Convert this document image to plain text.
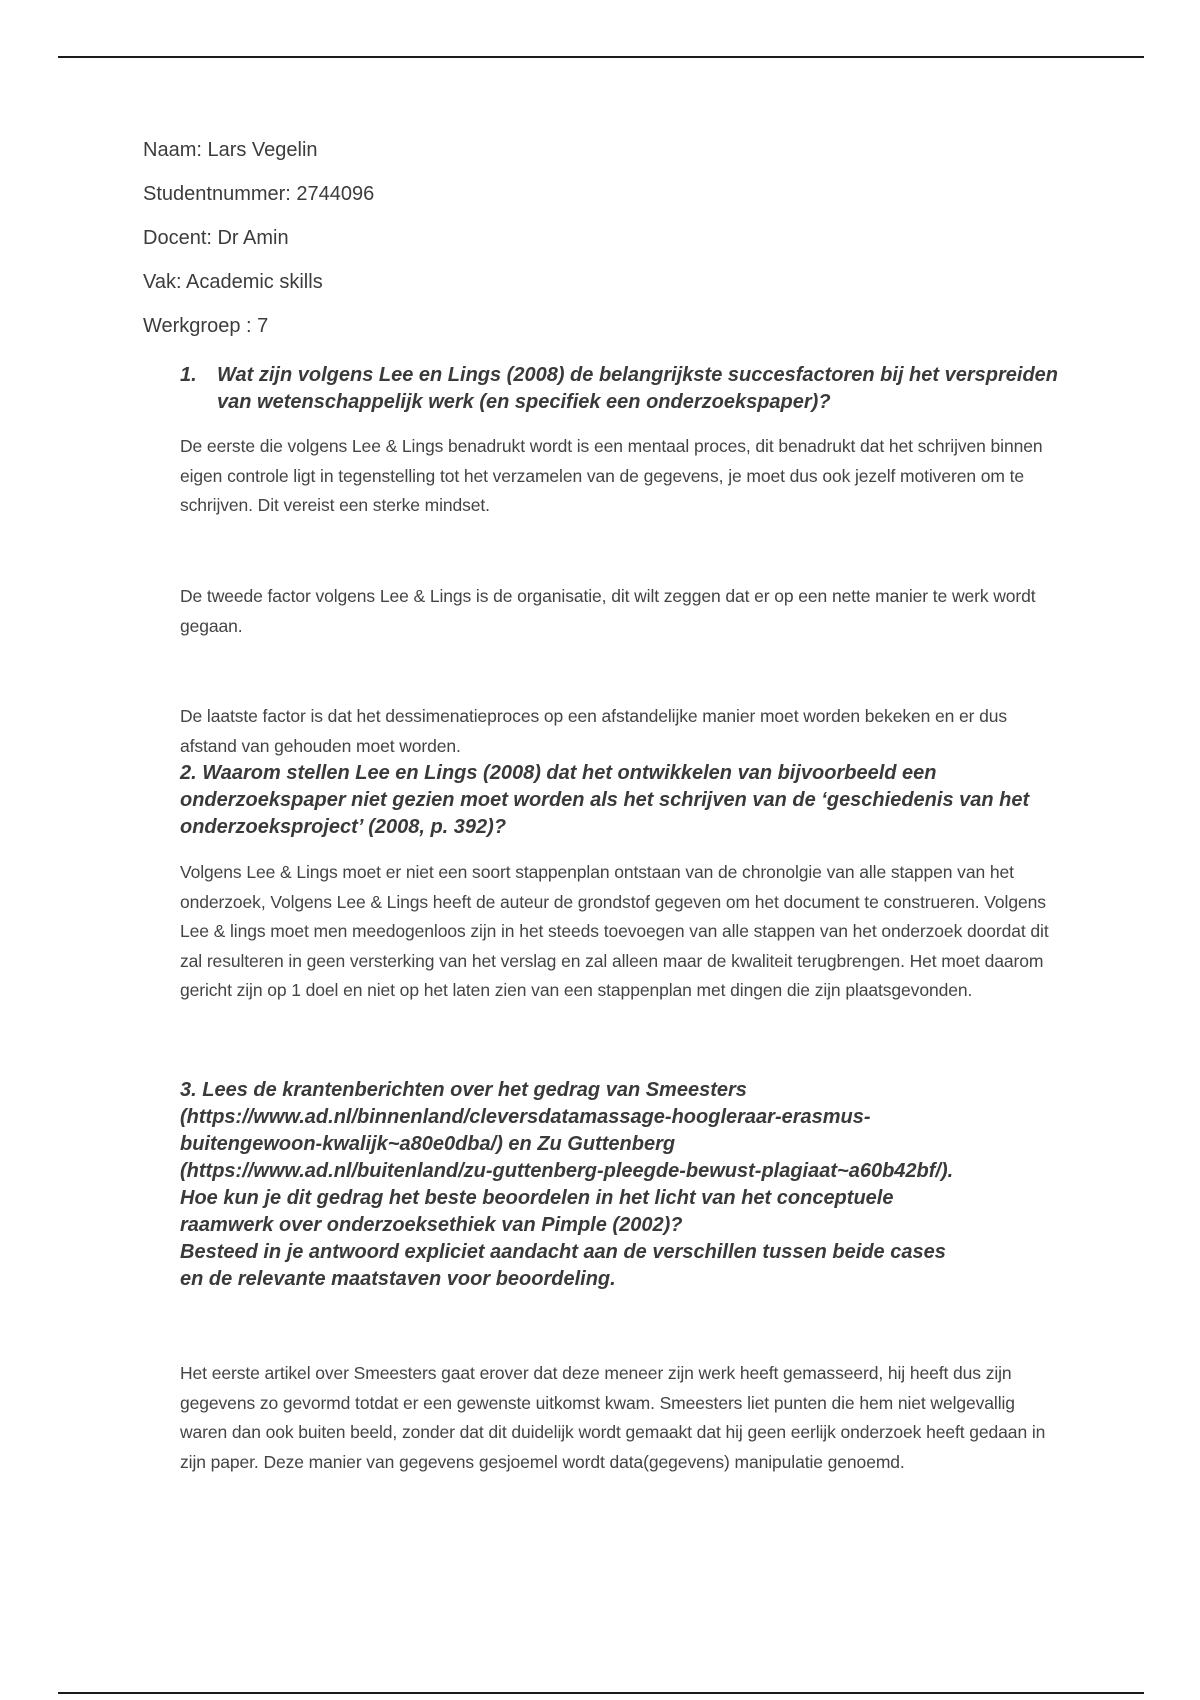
Naam: Lars Vegelin
Studentnummer: 2744096
Docent: Dr Amin
Vak: Academic skills
Werkgroep : 7
1.	Wat zijn volgens Lee en Lings (2008) de belangrijkste succesfactoren bij het verspreiden van wetenschappelijk werk (en specifiek een onderzoekspaper)?

De eerste die volgens Lee & Lings benadrukt wordt is een mentaal proces, dit benadrukt dat het schrijven binnen eigen controle ligt in tegenstelling tot het verzamelen van de gegevens, je moet dus ook jezelf motiveren om te schrijven. Dit vereist een sterke mindset.

De tweede factor volgens Lee & Lings is de organisatie, dit wilt zeggen dat er op een nette manier te werk wordt gegaan.

De laatste factor is dat het dessimenatieproces op een afstandelijke manier moet worden bekeken en er dus afstand van gehouden moet worden.

2. Waarom stellen Lee en Lings (2008) dat het ontwikkelen van bijvoorbeeld een onderzoekspaper niet gezien moet worden als het schrijven van de ‘geschiedenis van het onderzoeksproject’ (2008, p. 392)?

Volgens Lee & Lings moet er niet een soort stappenplan ontstaan van de chronolgie van alle stappen van het onderzoek, Volgens Lee & Lings heeft de auteur de grondstof gegeven om het document te construeren. Volgens Lee & lings moet men meedogenloos zijn in het steeds toevoegen van alle stappen van het onderzoek doordat dit zal resulteren in geen versterking van het verslag en zal alleen maar de kwaliteit terugbrengen. Het moet daarom gericht zijn op 1 doel en niet op het laten zien van een stappenplan met dingen die zijn plaatsgevonden.

3. Lees de krantenberichten over het gedrag van Smeesters
(https://www.ad.nl/binnenland/cleversdatamassage-hoogleraar-erasmus-
buitengewoon-kwalijk~a80e0dba/) en Zu Guttenberg
(https://www.ad.nl/buitenland/zu-guttenberg-pleegde-bewust-plagiaat~a60b42bf/).
Hoe kun je dit gedrag het beste beoordelen in het licht van het conceptuele
raamwerk over onderzoeksethiek van Pimple (2002)?
Besteed in je antwoord expliciet aandacht aan de verschillen tussen beide cases
en de relevante maatstaven voor beoordeling.

Het eerste artikel over Smeesters gaat erover dat deze meneer zijn werk heeft gemasseerd, hij heeft dus zijn gegevens zo gevormd totdat er een gewenste uitkomst kwam. Smeesters liet punten die hem niet welgevallig waren dan ook buiten beeld, zonder dat dit duidelijk wordt gemaakt dat hij geen eerlijk onderzoek heeft gedaan in zijn paper. Deze manier van gegevens gesjoemel wordt data(gegevens) manipulatie genoemd.
